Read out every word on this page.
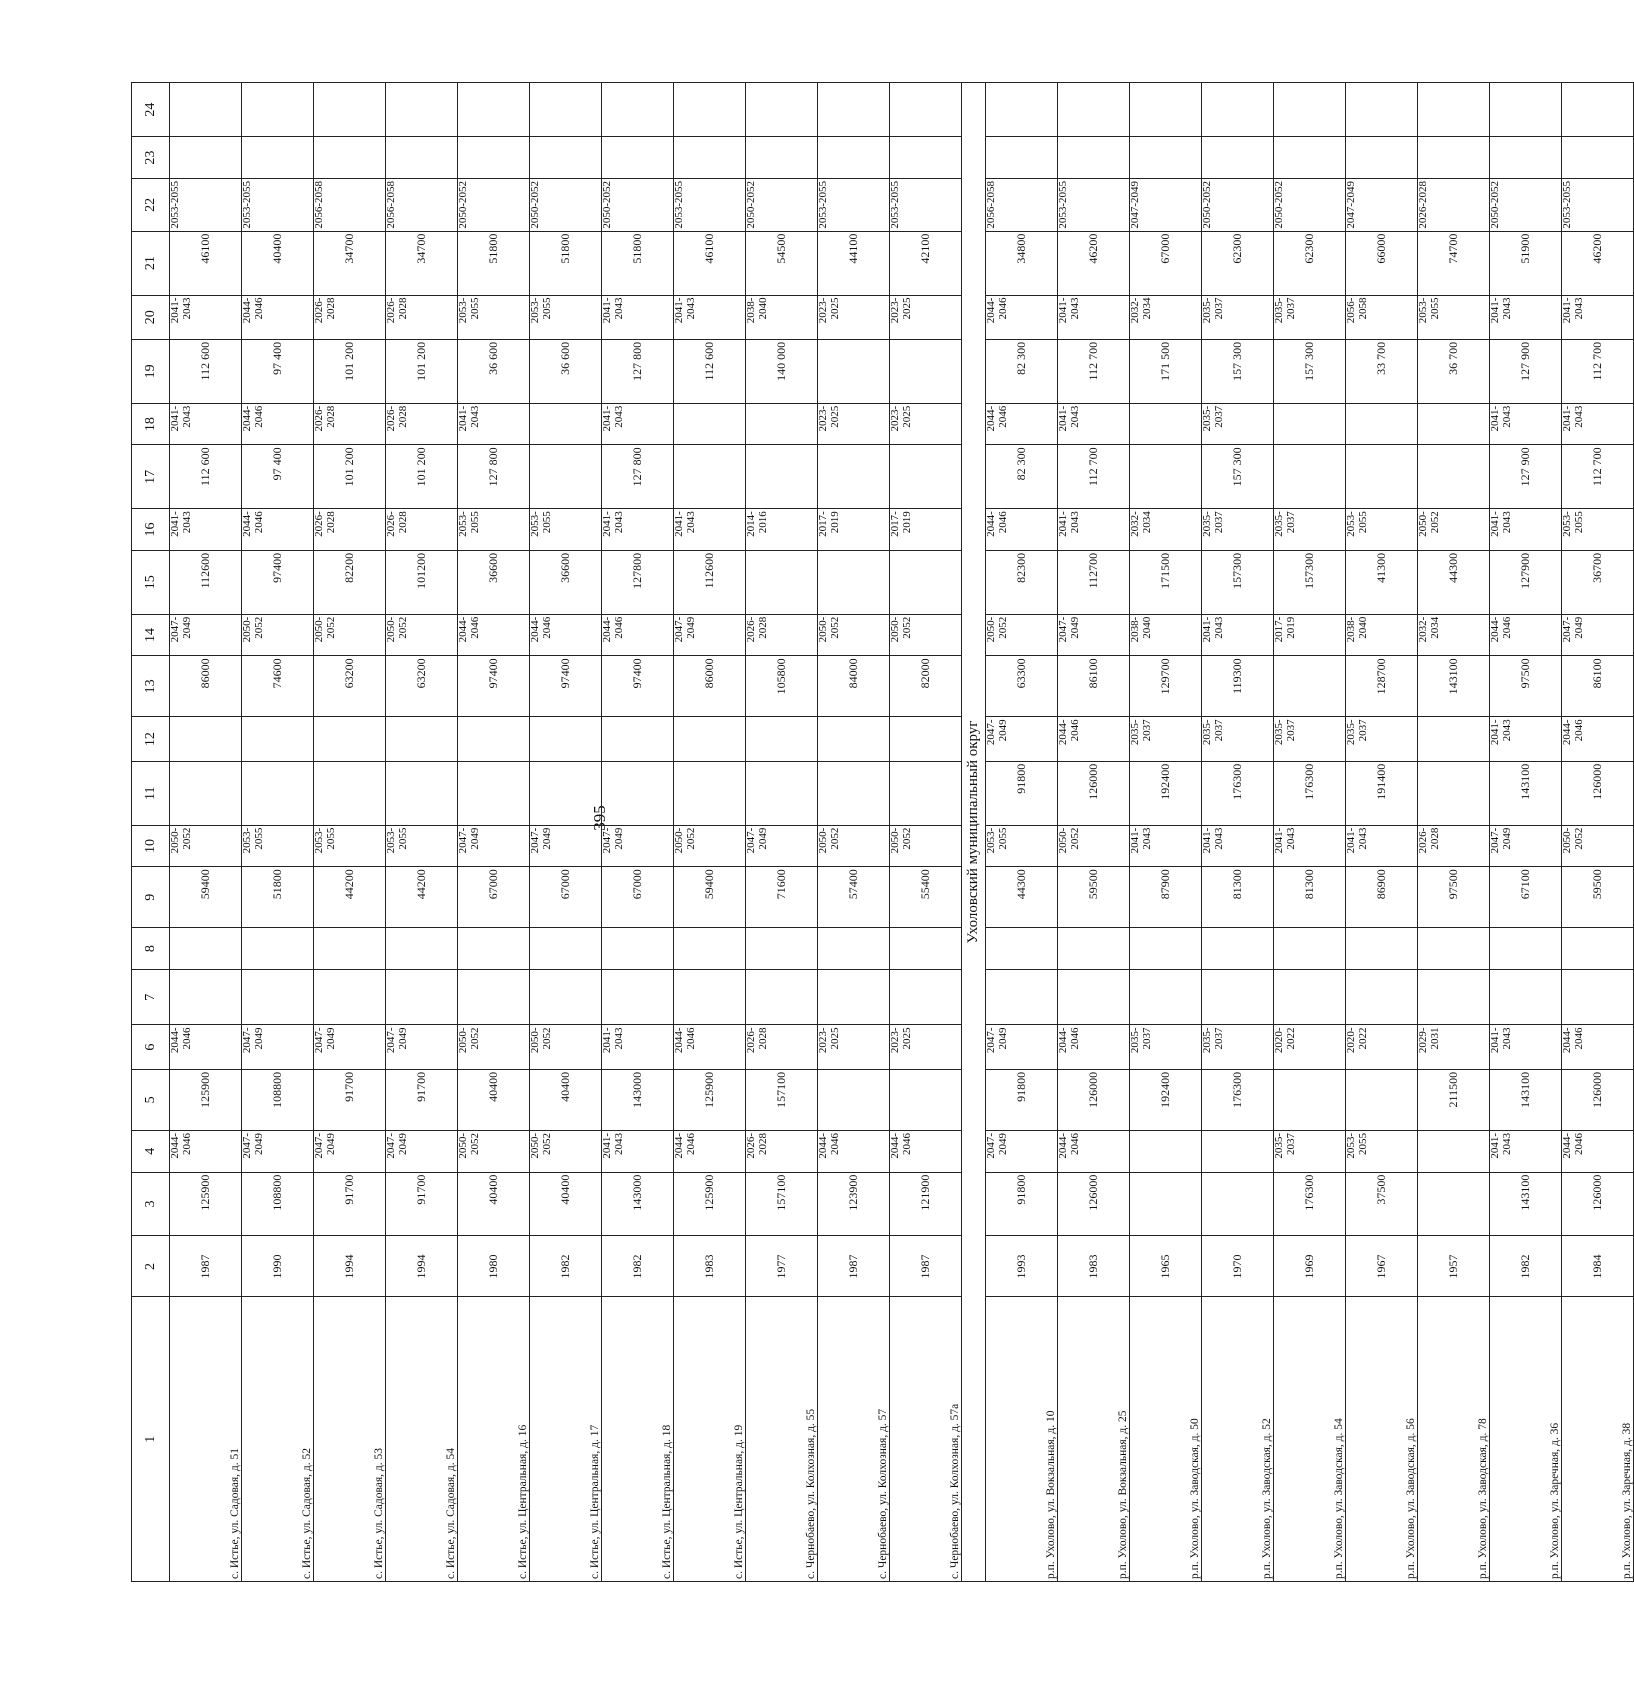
395
1	2	3	4	5	6	7	8	9	10	11	12	13	14	15	16	17	18	19	20	21	22	23	24
с. Истье, ул. Садовая, д. 51	1987	125900	2044-2046	125900	2044-2046			59400	2050-2052			86000	2047-2049	112600	2041-2043	112 600	2041-2043	112 600	2041-2043	46100	2053-2055		
с. Истье, ул. Садовая, д. 52	1990	108800	2047-2049	108800	2047-2049			51800	2053-2055			74600	2050-2052	97400	2044-2046	97 400	2044-2046	97 400	2044-2046	40400	2053-2055		
с. Истье, ул. Садовая, д. 53	1994	91700	2047-2049	91700	2047-2049			44200	2053-2055			63200	2050-2052	82200	2026-2028	101 200	2026-2028	101 200	2026-2028	34700	2056-2058		
с. Истье, ул. Садовая, д. 54	1994	91700	2047-2049	91700	2047-2049			44200	2053-2055			63200	2050-2052	101200	2026-2028	101 200	2026-2028	101 200	2026-2028	34700	2056-2058		
с. Истье, ул. Центральная, д. 16	1980	40400	2050-2052	40400	2050-2052			67000	2047-2049			97400	2044-2046	36600	2053-2055	127 800	2041-2043	36 600	2053-2055	51800	2050-2052		
с. Истье, ул. Центральная, д. 17	1982	40400	2050-2052	40400	2050-2052			67000	2047-2049			97400	2044-2046	36600	2053-2055			36 600	2053-2055	51800	2050-2052		
с. Истье, ул. Центральная, д. 18	1982	143000	2041-2043	143000	2041-2043			67000	2047-2049			97400	2044-2046	127800	2041-2043	127 800	2041-2043	127 800	2041-2043	51800	2050-2052		
с. Истье, ул. Центральная, д. 19	1983	125900	2044-2046	125900	2044-2046			59400	2050-2052			86000	2047-2049	112600	2041-2043			112 600	2041-2043	46100	2053-2055		
с. Чернобаево, ул. Колхозная, д. 55	1977	157100	2026-2028	157100	2026-2028			71600	2047-2049			105800	2026-2028		2014-2016			140 000	2038-2040	54500	2050-2052		
с. Чернобаево, ул. Колхозная, д. 57	1987	123900	2044-2046		2023-2025			57400	2050-2052			84000	2050-2052		2017-2019		2023-2025		2023-2025	44100	2053-2055		
с. Чернобаево, ул. Колхозная, д. 57а	1987	121900	2044-2046		2023-2025			55400	2050-2052			82000	2050-2052		2017-2019		2023-2025		2023-2025	42100	2053-2055		
Ухоловский муниципальный округ																							
р.п. Ухолово, ул. Вокзальная, д. 10	1993	91800	2047-2049	91800	2047-2049			44300	2053-2055	91800	2047-2049	63300	2050-2052	82300	2044-2046	82 300	2044-2046	82 300	2044-2046	34800	2056-2058		
р.п. Ухолово, ул. Вокзальная, д. 25	1983	126000	2044-2046	126000	2044-2046			59500	2050-2052	126000	2044-2046	86100	2047-2049	112700	2041-2043	112 700	2041-2043	112 700	2041-2043	46200	2053-2055		
р.п. Ухолово, ул. Заводская, д. 50	1965			192400	2035-2037			87900	2041-2043	192400	2035-2037	129700	2038-2040	171500	2032-2034			171 500	2032-2034	67000	2047-2049		
р.п. Ухолово, ул. Заводская, д. 52	1970			176300	2035-2037			81300	2041-2043	176300	2035-2037	119300	2041-2043	157300	2035-2037	157 300	2035-2037	157 300	2035-2037	62300	2050-2052		
р.п. Ухолово, ул. Заводская, д. 54	1969	176300	2035-2037		2020-2022			81300	2041-2043	176300	2035-2037		2017-2019	157300	2035-2037			157 300	2035-2037	62300	2050-2052		
р.п. Ухолово, ул. Заводская, д. 56	1967	37500	2053-2055		2020-2022			86900	2041-2043	191400	2035-2037	128700	2038-2040	41300	2053-2055			33 700	2056-2058	66000	2047-2049		
р.п. Ухолово, ул. Заводская, д. 78	1957			211500	2029-2031			97500	2026-2028			143100	2032-2034	44300	2050-2052			36 700	2053-2055	74700	2026-2028		
р.п. Ухолово, ул. Заречная, д. 36	1982	143100	2041-2043	143100	2041-2043			67100	2047-2049	143100	2041-2043	97500	2044-2046	127900	2041-2043	127 900	2041-2043	127 900	2041-2043	51900	2050-2052		
р.п. Ухолово, ул. Заречная, д. 38	1984	126000	2044-2046	126000	2044-2046			59500	2050-2052	126000	2044-2046	86100	2047-2049	36700	2053-2055	112 700	2041-2043	112 700	2041-2043	46200	2053-2055		
